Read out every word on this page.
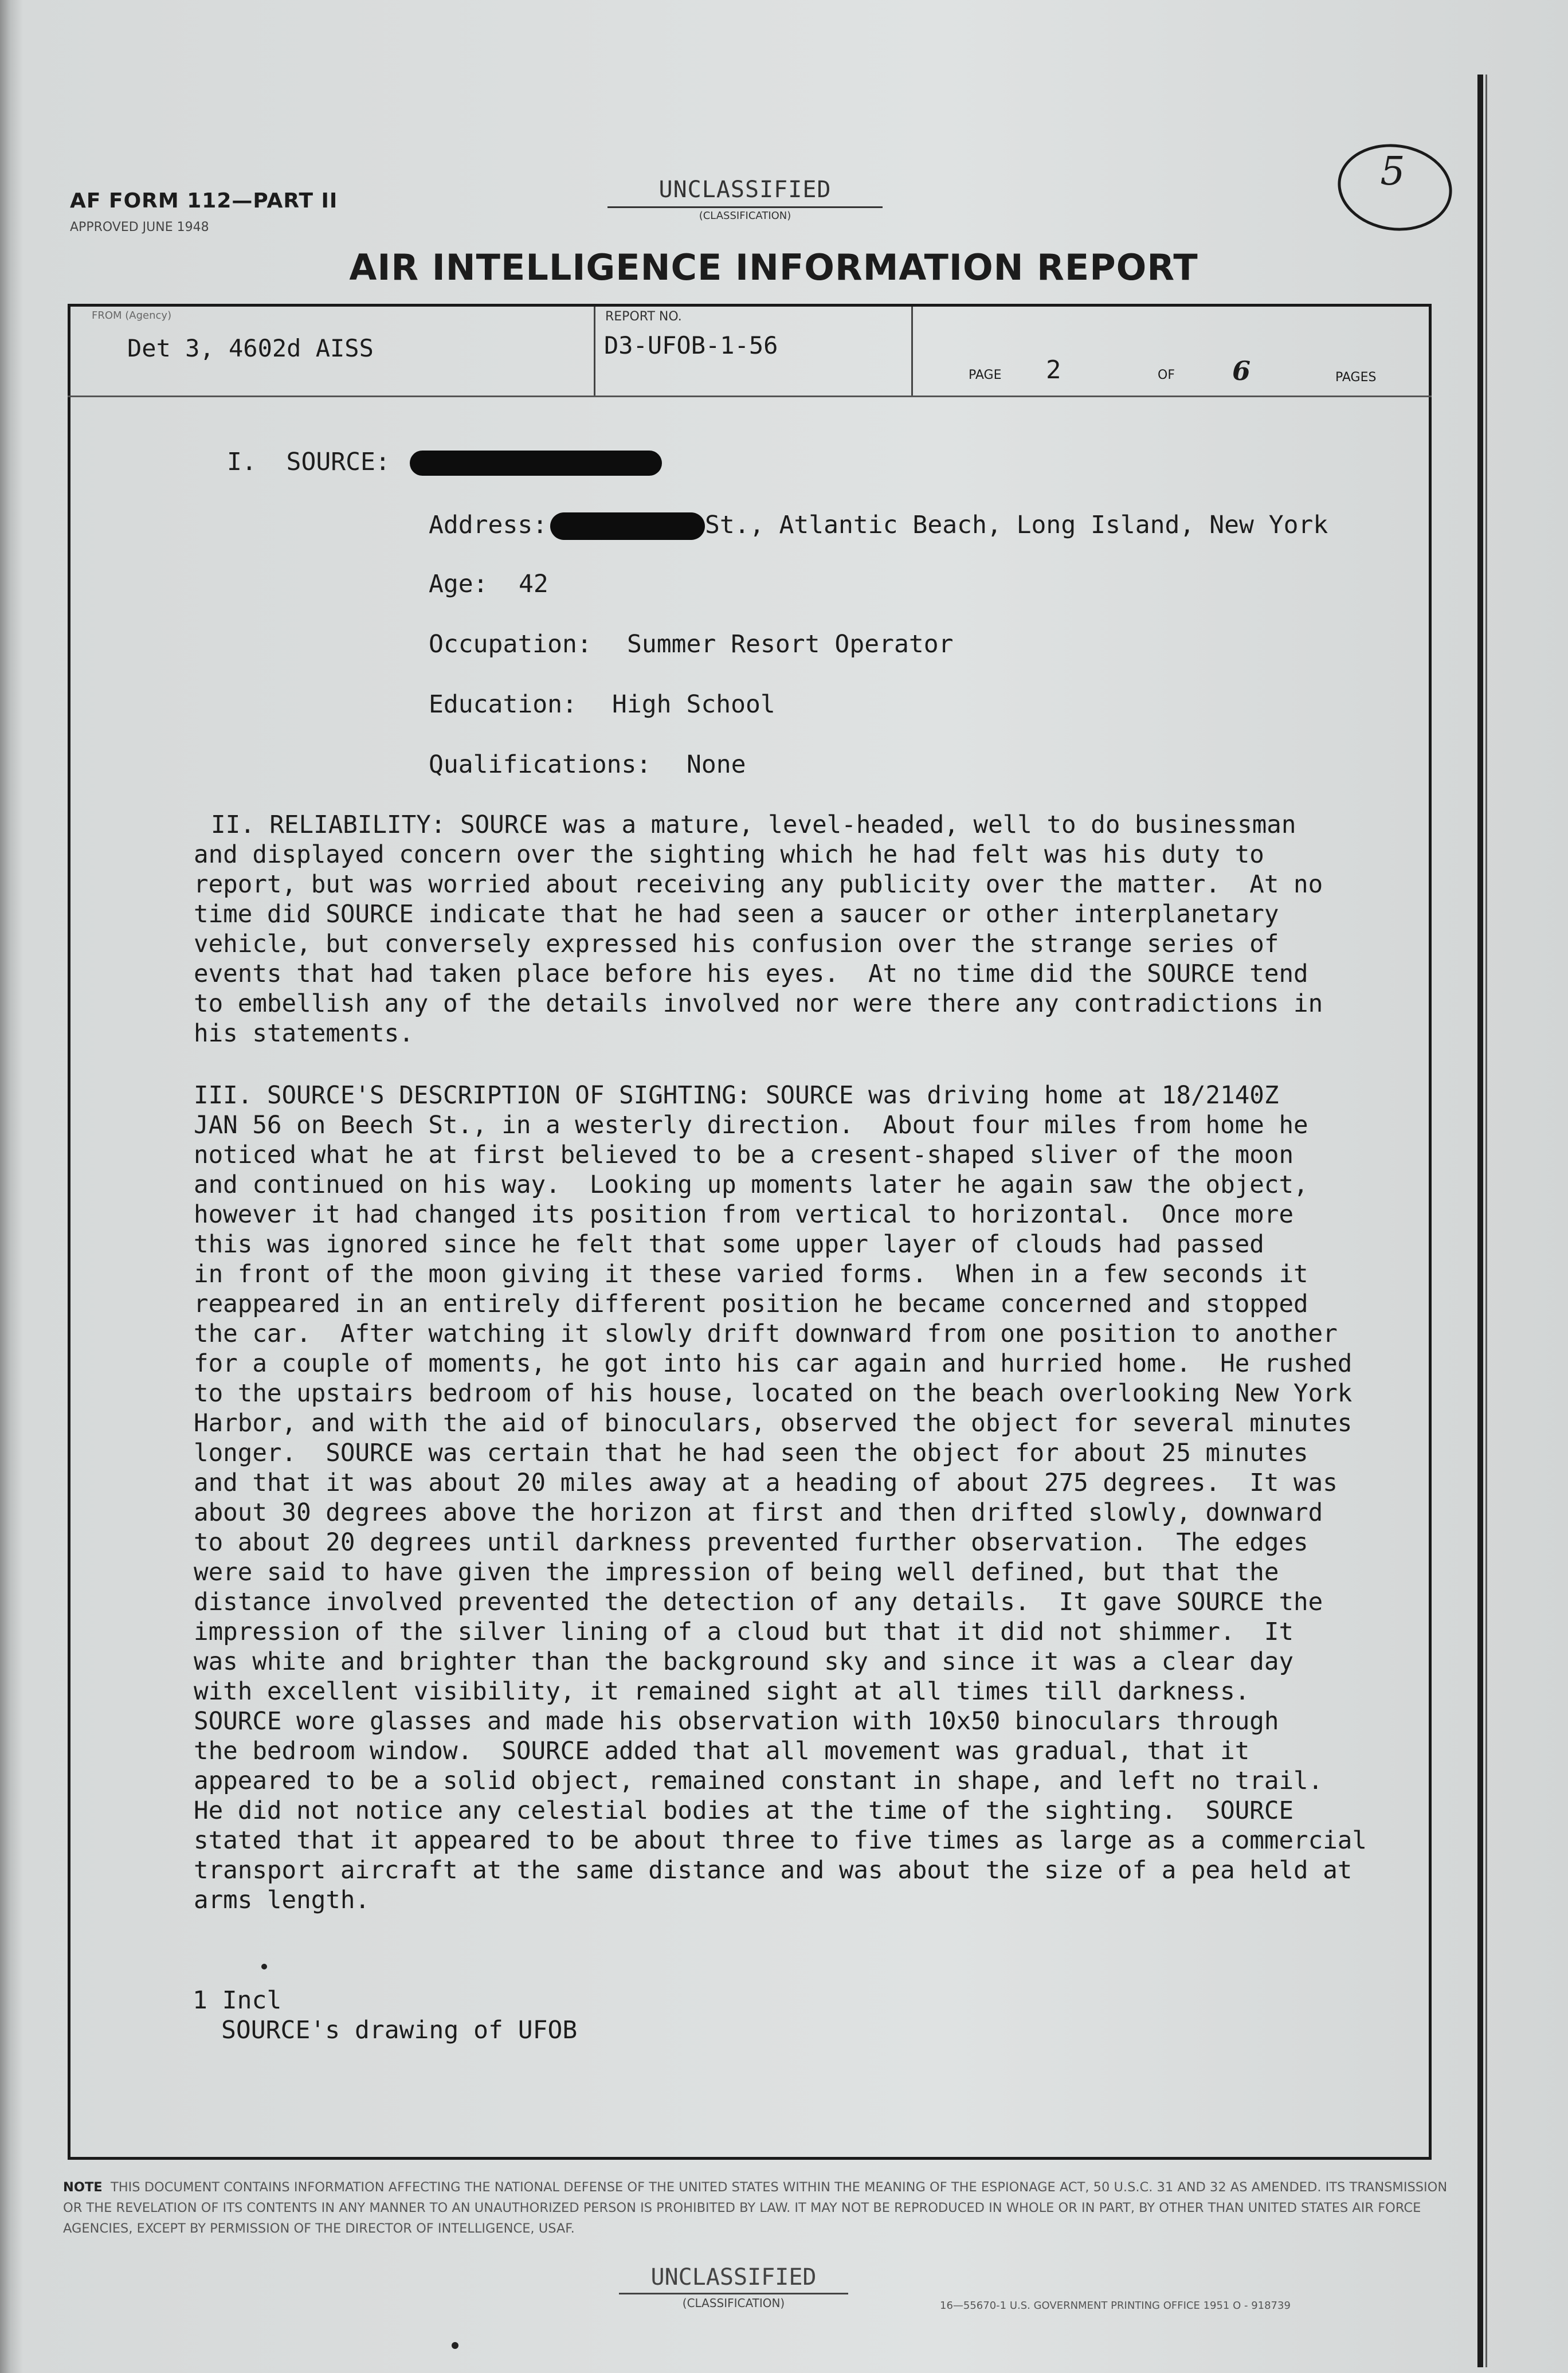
AF FORM 112—PART II
APPROVED JUNE 1948
UNCLASSIFIED
(CLASSIFICATION)
5
AIR INTELLIGENCE INFORMATION REPORT
FROM (Agency)
Det 3, 4602d AISS
REPORT NO.
D3-UFOB-1-56
PAGE 2	OF 6	PAGES
I.  SOURCE:
Address:	St., Atlantic Beach, Long Island, New York
Age: 42
Occupation: Summer Resort Operator
Education: High School
Qualifications: None
II. RELIABILITY: SOURCE was a mature, level-headed, well to do businessman
and displayed concern over the sighting which he had felt was his duty to
report, but was worried about receiving any publicity over the matter.  At no
time did SOURCE indicate that he had seen a saucer or other interplanetary
vehicle, but conversely expressed his confusion over the strange series of
events that had taken place before his eyes.  At no time did the SOURCE tend
to embellish any of the details involved nor were there any contradictions in
his statements.
III. SOURCE'S DESCRIPTION OF SIGHTING: SOURCE was driving home at 18/2140Z
JAN 56 on Beech St., in a westerly direction.  About four miles from home he
noticed what he at first believed to be a cresent-shaped sliver of the moon
and continued on his way.  Looking up moments later he again saw the object,
however it had changed its position from vertical to horizontal.  Once more
this was ignored since he felt that some upper layer of clouds had passed
in front of the moon giving it these varied forms.  When in a few seconds it
reappeared in an entirely different position he became concerned and stopped
the car.  After watching it slowly drift downward from one position to another
for a couple of moments, he got into his car again and hurried home.  He rushed
to the upstairs bedroom of his house, located on the beach overlooking New York
Harbor, and with the aid of binoculars, observed the object for several minutes
longer.  SOURCE was certain that he had seen the object for about 25 minutes
and that it was about 20 miles away at a heading of about 275 degrees.  It was
about 30 degrees above the horizon at first and then drifted slowly, downward
to about 20 degrees until darkness prevented further observation.  The edges
were said to have given the impression of being well defined, but that the
distance involved prevented the detection of any details.  It gave SOURCE the
impression of the silver lining of a cloud but that it did not shimmer.  It
was white and brighter than the background sky and since it was a clear day
with excellent visibility, it remained sight at all times till darkness.
SOURCE wore glasses and made his observation with 10x50 binoculars through
the bedroom window.  SOURCE added that all movement was gradual, that it
appeared to be a solid object, remained constant in shape, and left no trail.
He did not notice any celestial bodies at the time of the sighting.  SOURCE
stated that it appeared to be about three to five times as large as a commercial
transport aircraft at the same distance and was about the size of a pea held at
arms length.
1 Incl
SOURCE's drawing of UFOB
NOTE THIS DOCUMENT CONTAINS INFORMATION AFFECTING THE NATIONAL DEFENSE OF THE UNITED STATES WITHIN THE MEANING OF THE ESPIONAGE ACT, 50 U.S.C. 31 AND 32 AS AMENDED. ITS TRANSMISSION OR THE REVELATION OF ITS CONTENTS IN ANY MANNER TO AN UNAUTHORIZED PERSON IS PROHIBITED BY LAW. IT MAY NOT BE REPRODUCED IN WHOLE OR IN PART, BY OTHER THAN UNITED STATES AIR FORCE AGENCIES, EXCEPT BY PERMISSION OF THE DIRECTOR OF INTELLIGENCE, USAF.
UNCLASSIFIED
(CLASSIFICATION)	16—55670-1 U.S. GOVERNMENT PRINTING OFFICE 1951 O - 918739
